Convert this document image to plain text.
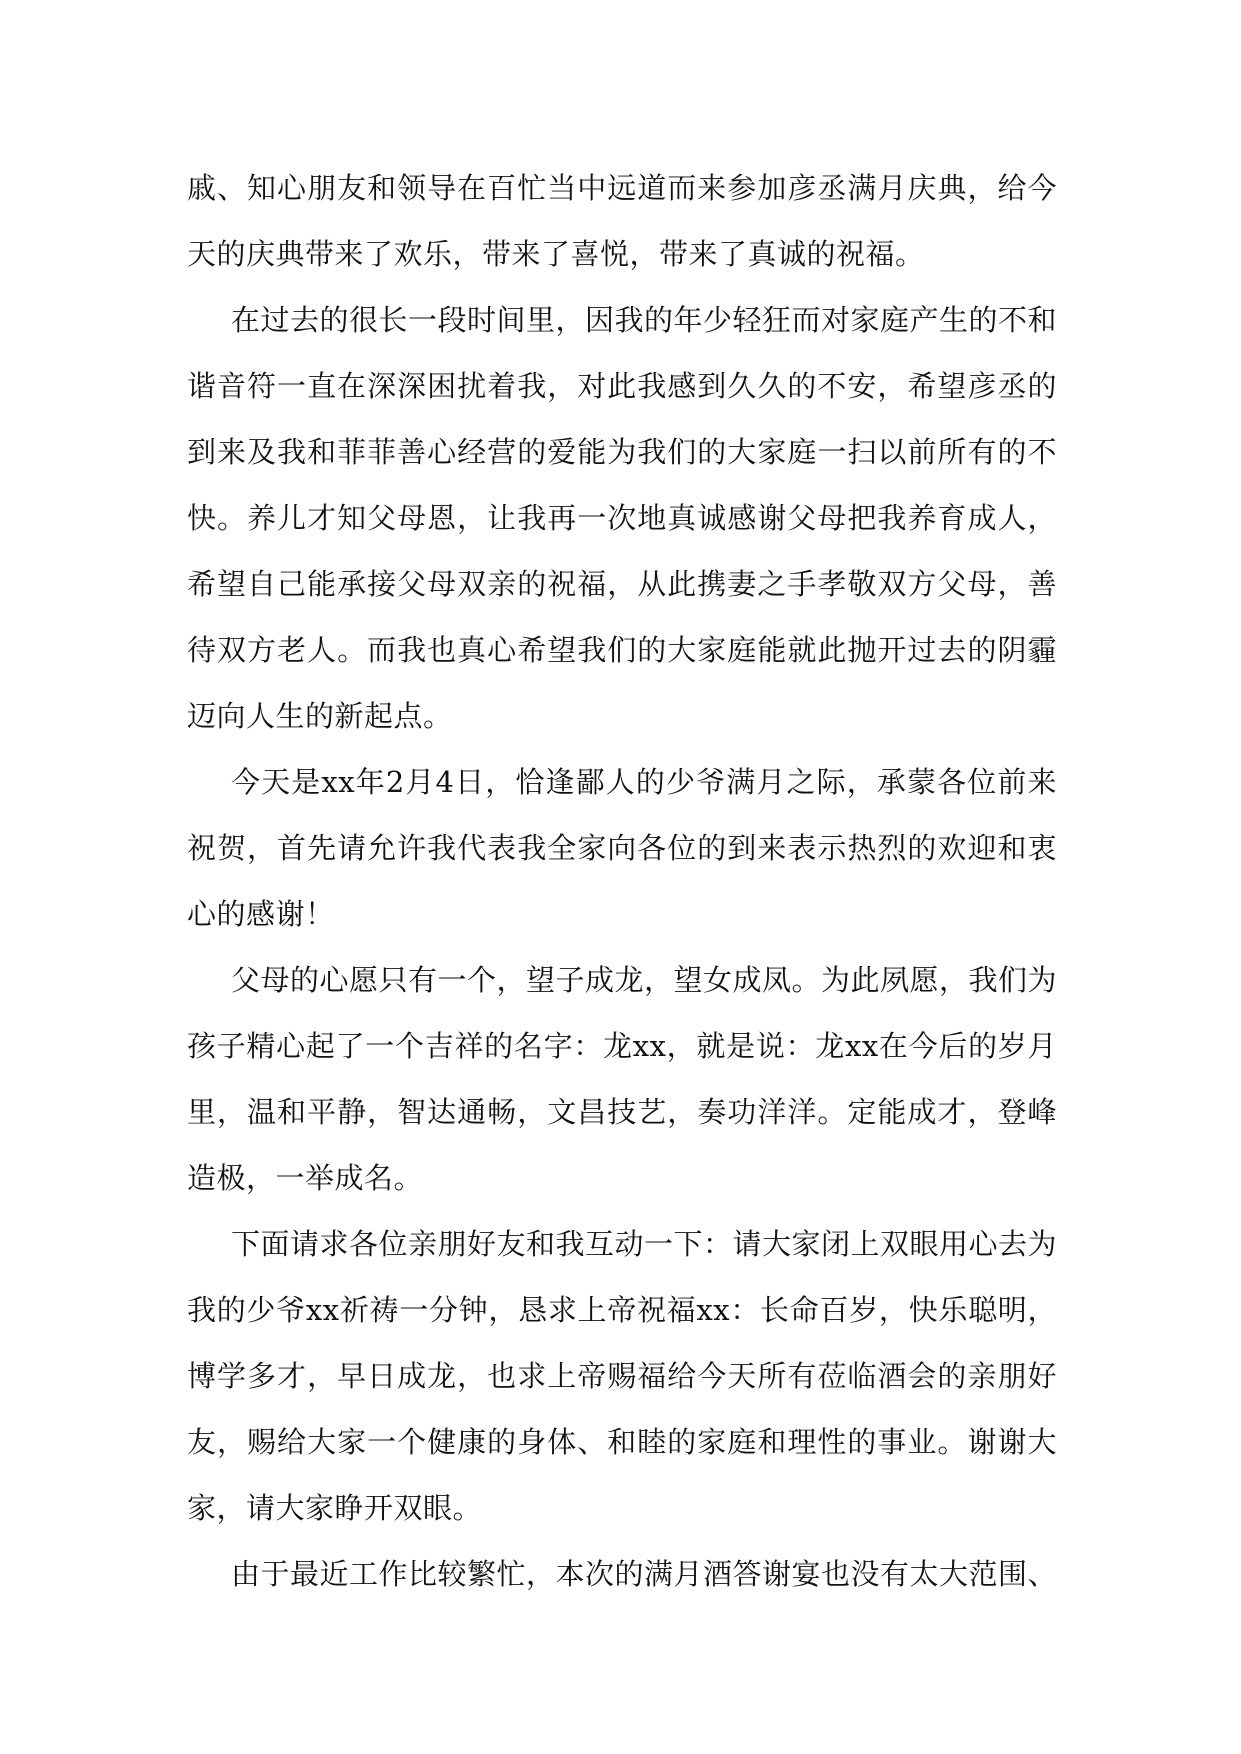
戚、知心朋友和领导在百忙当中远道而来参加彦丞满月庆典，给今天的庆典带来了欢乐，带来了喜悦，带来了真诚的祝福。

在过去的很长一段时间里，因我的年少轻狂而对家庭产生的不和谐音符一直在深深困扰着我，对此我感到久久的不安，希望彦丞的到来及我和菲菲善心经营的爱能为我们的大家庭一扫以前所有的不快。养儿才知父母恩，让我再一次地真诚感谢父母把我养育成人，希望自己能承接父母双亲的祝福，从此携妻之手孝敬双方父母，善待双方老人。而我也真心希望我们的大家庭能就此抛开过去的阴霾迈向人生的新起点。

今天是xx年2月4日，恰逢鄙人的少爷满月之际，承蒙各位前来祝贺，首先请允许我代表我全家向各位的到来表示热烈的欢迎和衷心的感谢！

父母的心愿只有一个，望子成龙，望女成凤。为此夙愿，我们为孩子精心起了一个吉祥的名字：龙xx，就是说：龙xx在今后的岁月里，温和平静，智达通畅，文昌技艺，奏功洋洋。定能成才，登峰造极，一举成名。

下面请求各位亲朋好友和我互动一下：请大家闭上双眼用心去为我的少爷xx祈祷一分钟，恳求上帝祝福xx：长命百岁，快乐聪明，博学多才，早日成龙，也求上帝赐福给今天所有莅临酒会的亲朋好友，赐给大家一个健康的身体、和睦的家庭和理性的事业。谢谢大家，请大家睁开双眼。

由于最近工作比较繁忙，本次的满月酒答谢宴也没有太大范围、
